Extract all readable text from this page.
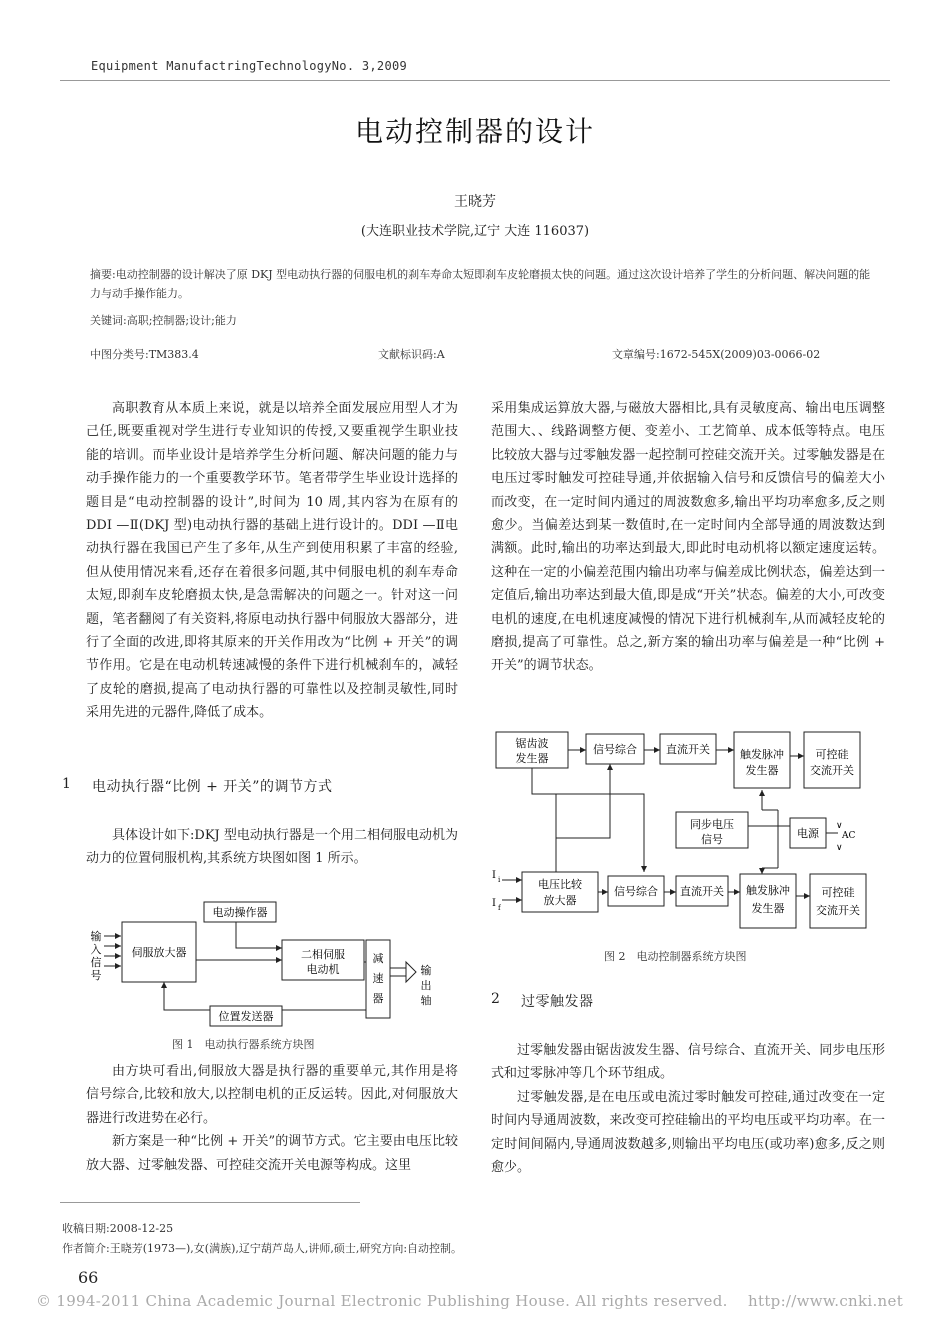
Equipment ManufactringTechnologyNo. 3,2009
电动控制器的设计
王晓芳
(大连职业技术学院,辽宁 大连 116037)
摘要:电动控制器的设计解决了原 DKJ 型电动执行器的伺服电机的刹车寿命太短即刹车皮轮磨损太快的问题。通过这次设计培养了学生的分析问题、解决问题的能力与动手操作能力。
关键词:高职;控制器;设计;能力
中图分类号:TM383.4	文献标识码:A	文章编号:1672-545X(2009)03-0066-02

高职教育从本质上来说，就是以培养全面发展应用型人才为己任,既要重视对学生进行专业知识的传授,又要重视学生职业技能的培训。而毕业设计是培养学生分析问题、解决问题的能力与动手操作能力的一个重要教学环节。笔者带学生毕业设计选择的题目是“电动控制器的设计”,时间为 10 周,其内容为在原有的 DDI —Ⅱ(DKJ 型)电动执行器的基础上进行设计的。DDI —Ⅱ电动执行器在我国已产生了多年,从生产到使用积累了丰富的经验,但从使用情况来看,还存在着很多问题,其中伺服电机的刹车寿命太短,即刹车皮轮磨损太快,是急需解决的问题之一。针对这一问题，笔者翻阅了有关资料,将原电动执行器中伺服放大器部分，进行了全面的改进,即将其原来的开关作用改为“比例 + 开关”的调节作用。它是在电动机转速减慢的条件下进行机械刹车的，减轻了皮轮的磨损,提高了电动执行器的可靠性以及控制灵敏性,同时采用先进的元器件,降低了成本。

1 电动执行器“比例 + 开关”的调节方式

具体设计如下:DKJ 型电动执行器是一个用二相伺服电动机为动力的位置伺服机构,其系统方块图如图 1 所示。

伺服放大器
电动操作器
二相伺服
电动机
减
速
器
位置发送器
输
入
信
号	输
出
轴
图 1　电动执行器系统方块图

由方块可看出,伺服放大器是执行器的重要单元,其作用是将信号综合,比较和放大,以控制电机的正反运转。因此,对伺服放大器进行改进势在必行。

新方案是一种“比例 + 开关”的调节方式。它主要由电压比较放大器、过零触发器、可控硅交流开关电源等构成。这里

采用集成运算放大器,与磁放大器相比,具有灵敏度高、输出电压调整范围大、、线路调整方便、变差小、工艺简单、成本低等特点。电压比较放大器与过零触发器一起控制可控硅交流开关。过零触发器是在电压过零时触发可控硅导通,并依据输入信号和反馈信号的偏差大小而改变，在一定时间内通过的周波数愈多,输出平均功率愈多,反之则愈少。当偏差达到某一数值时,在一定时间内全部导通的周波数达到满额。此时,输出的功率达到最大,即此时电动机将以额定速度运转。这种在一定的小偏差范围内输出功率与偏差成比例状态，偏差达到一定值后,输出功率达到最大值,即是成“开关”状态。偏差的大小,可改变电机的速度,在电机速度减慢的情况下进行机械刹车,从而减轻皮轮的磨损,提高了可靠性。总之,新方案的输出功率与偏差是一种“比例 + 开关”的调节状态。

锯齿波
发生器
信号综合	直流开关	触发脉冲
发生器
可控硅
交流开关
同步电压
信号	电源
∨
AC
∨
I i
I f
电压比较
放大器
信号综合 直流开关 触发脉冲
发生器
可控硅
交流开关
图 2　电动控制器系统方块图
2 过零触发器

过零触发器由锯齿波发生器、信号综合、直流开关、同步电压形式和过零脉冲等几个环节组成。

过零触发器,是在电压或电流过零时触发可控硅,通过改变在一定时间内导通周波数，来改变可控硅输出的平均电压或平均功率。在一定时间间隔内,导通周波数越多,则输出平均电压(或功率)愈多,反之则愈少。

收稿日期:2008-12-25
作者简介:王晓芳(1973—),女(满族),辽宁葫芦岛人,讲师,硕士,研究方向:自动控制。
66
© 1994-2011 China Academic Journal Electronic Publishing House. All rights reserved.　 http://www.cnki.net
